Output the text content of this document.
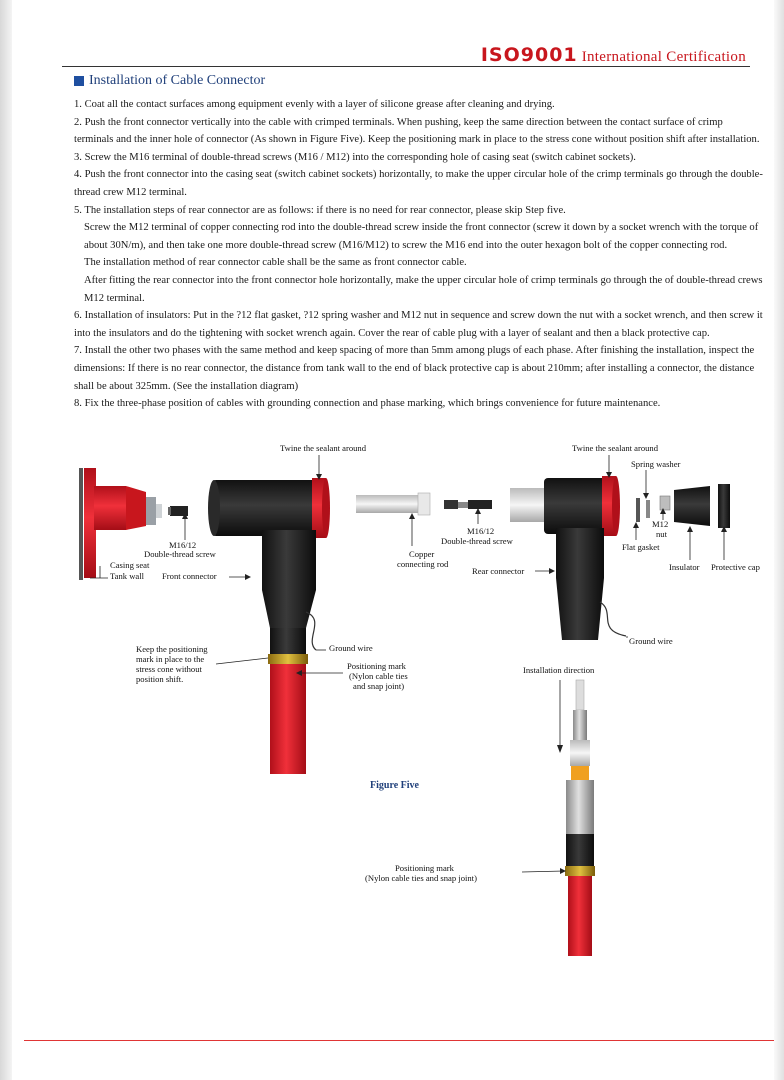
ISO9001 International Certification
Installation of Cable Connector

1. Coat all the contact surfaces among equipment evenly with a layer of silicone grease after cleaning and drying.

2. Push the front connector vertically into the cable with crimped terminals. When pushing, keep the same direction between the contact surface of crimp terminals and the inner hole of connector (As shown in Figure Five). Keep the positioning mark in place to the stress cone without position shift after installation.

3. Screw the M16 terminal of double-thread screws (M16 / M12) into the corresponding hole of casing seat (switch cabinet sockets).

4. Push the front connector into the casing seat (switch cabinet sockets) horizontally, to make the upper circular hole of the crimp terminals go through the double-thread crew M12 terminal.

5. The installation steps of rear connector are as follows: if there is no need for rear connector, please skip Step five.

Screw the M12 terminal of copper connecting rod into the double-thread screw inside the front connector (screw it down by a socket wrench with the torque of about 30N/m), and then take one more double-thread screw (M16/M12) to screw the M16 end into the outer hexagon bolt of the copper connecting rod.

The installation method of rear connector cable shall be the same as front connector cable.

After fitting the rear connector into the front connector hole horizontally, make the upper circular hole of crimp terminals go through the of double-thread crews M12 terminal.

6. Installation of insulators: Put in the ?12 flat gasket, ?12 spring washer and M12 nut in sequence and screw down the nut with a socket wrench, and then screw it into the insulators and do the tightening with socket wrench again. Cover the rear of cable plug with a layer of sealant and then a black protective cap.

7. Install the other two phases with the same method and keep spacing of more than 5mm among plugs of each phase. After finishing the installation, inspect the dimensions: If there is no rear connector, the distance from tank wall to the end of black protective cap is about 210mm; after installing a connector, the distance shall be about 325mm. (See the installation diagram)

8. Fix the three-phase position of cables with grounding connection and phase marking, which brings convenience for future maintenance.

Twine the sealant around
M16/12
Double-thread screw
Casing seat
Tank wall Front connector
Keep the positioning
mark in place to the
stress cone without
position shift.
Ground wire
Positioning mark
(Nylon cable ties
and snap joint)
Copper
connecting rod
M16/12
Double-thread screw
Rear connector
Twine the sealant around
Spring washer
M12
nut
Flat gasket
Insulator Protective cap
Ground wire
Installation direction
Positioning mark
(Nylon cable ties and snap joint)
Figure Five
